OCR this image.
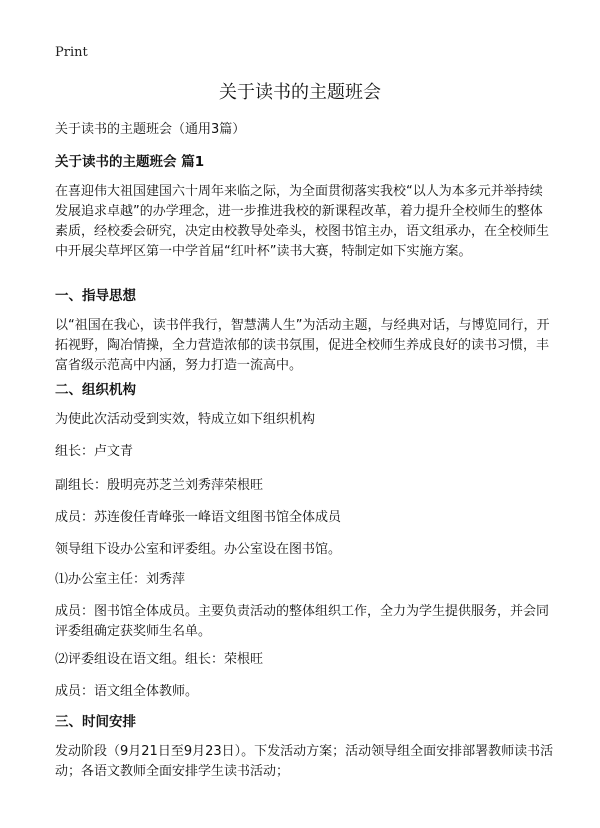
Print
关于读书的主题班会

关于读书的主题班会（通用3篇）

关于读书的主题班会 篇1

在喜迎伟大祖国建国六十周年来临之际，为全面贯彻落实我校“以人为本多元并举持续发展追求卓越”的办学理念，进一步推进我校的新课程改革，着力提升全校师生的整体素质，经校委会研究，决定由校教导处牵头，校图书馆主办，语文组承办，在全校师生中开展尖草坪区第一中学首届“红叶杯”读书大赛，特制定如下实施方案。

一、指导思想

以“祖国在我心，读书伴我行，智慧满人生”为活动主题，与经典对话，与博览同行，开拓视野，陶冶情操，全力营造浓郁的读书氛围，促进全校师生养成良好的读书习惯，丰富省级示范高中内涵，努力打造一流高中。

二、组织机构

为使此次活动受到实效，特成立如下组织机构

组长：卢文青

副组长：殷明亮苏芝兰刘秀萍荣根旺

成员：苏连俊任青峰张一峰语文组图书馆全体成员

领导组下设办公室和评委组。办公室设在图书馆。

⑴办公室主任：刘秀萍

成员：图书馆全体成员。主要负责活动的整体组织工作，全力为学生提供服务，并会同评委组确定获奖师生名单。

⑵评委组设在语文组。组长：荣根旺

成员：语文组全体教师。

三、时间安排

发动阶段（9月21日至9月23日）。下发活动方案；活动领导组全面安排部署教师读书活动；各语文教师全面安排学生读书活动；
